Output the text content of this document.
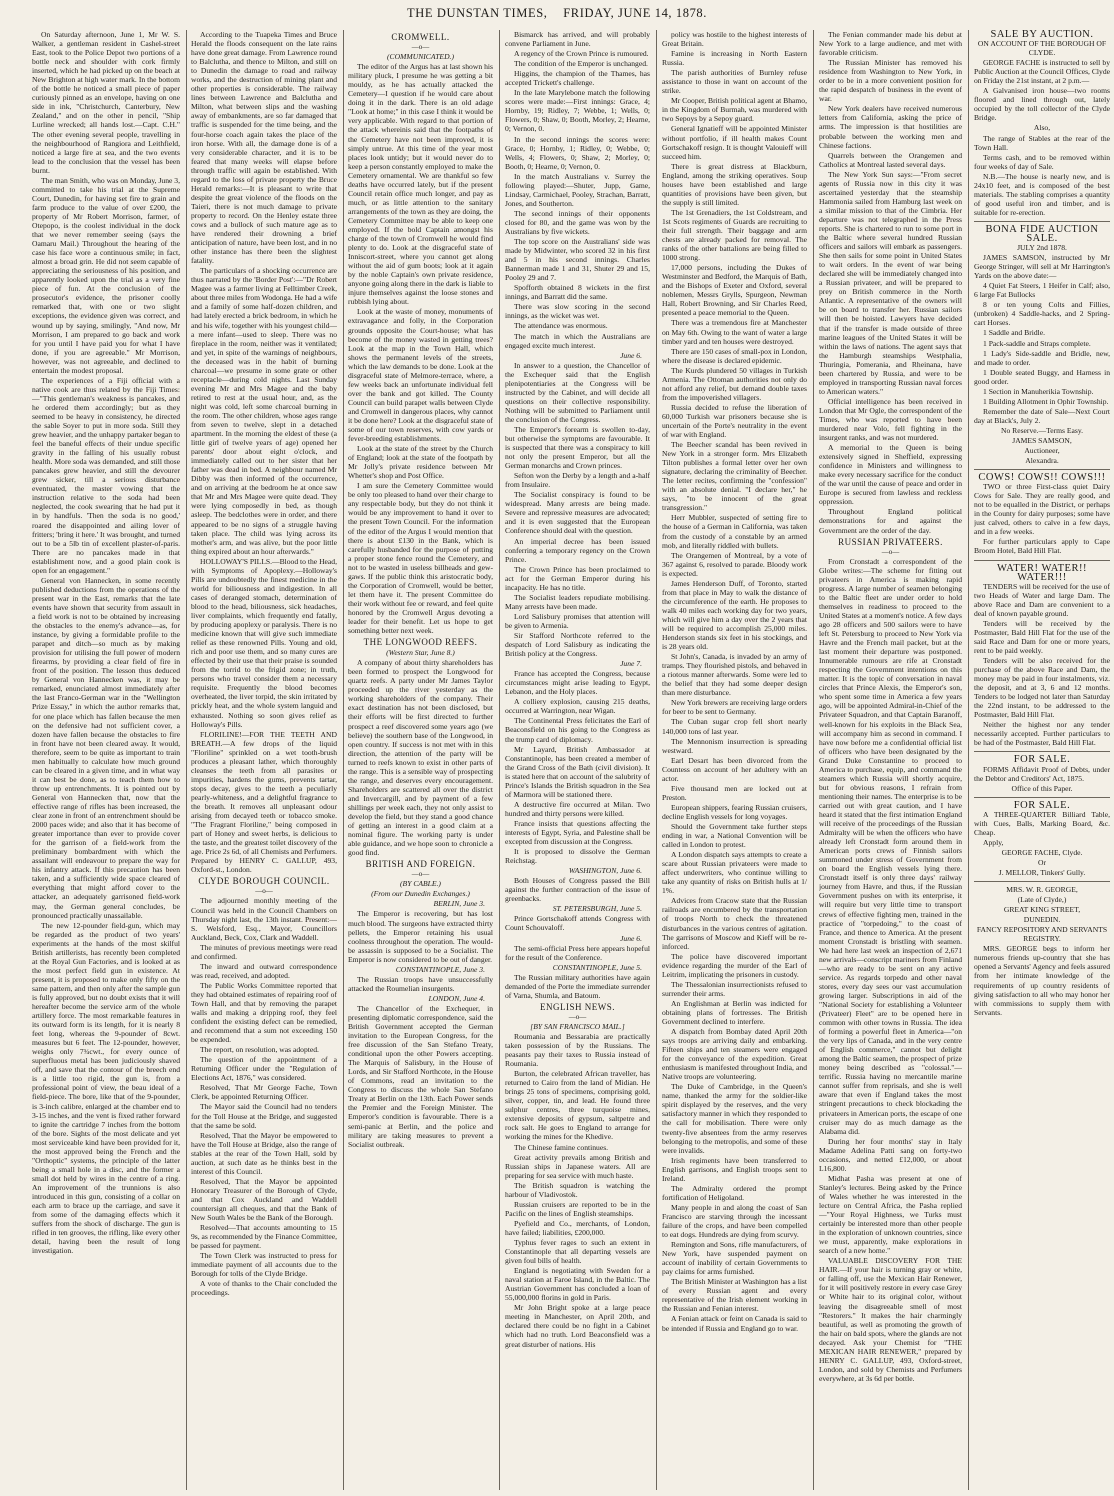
THE DUNSTAN TIMES, FRIDAY, JUNE 14, 1878.

On Saturday afternoon, June 1, Mr W. S. Walker, a gentleman resident in Cashel-street East, took to the Police Depot two portions of a bottle neck and shoulder with cork firmly inserted, which he had picked up on the beach at New Brighton at high water mark. In the bottom of the bottle he noticed a small piece of paper curiously pinned as an envelope, having on one side in ink, "Christchurch, Canterbury, New Zealand," and on the other in pencil, "Ship Lurline wrecked; all hands lost.—Capt. C.H." The other evening several people, travelling in the neighbourhood of Rangiora and Leithfield, noticed a large fire at sea, and the two events lead to the conclusion that the vessel has been burnt.

The man Smith, who was on Monday, June 3, committed to take his trial at the Supreme Court, Dunedin, for having set fire to grain and farm produce to the value of over £200, the property of Mr Robert Morrison, farmer, of Otepopo, is the coolest individual in the dock that we never remember seeing (says the Oamaru Mail.) Throughout the hearing of the case his face wore a continuous smile; in fact, almost a broad grin. He did not seem capable of appreciating the seriousness of his position, and apparently looked upon the trial as a very fine piece of fun. At the conclusion of the prosecutor's evidence, the prisoner coolly remarked that, with one or two slight exceptions, the evidence given was correct, and wound up by saying, smilingly, "And now, Mr Morrison, I am prepared to go back and work for you until I have paid you for what I have done, if you are agreeable." Mr Morrison, however, was not agreeable, and declined to entertain the modest proposal.

The experiences of a Fiji official with a native cook are thus related by the Fiji Times:—"This gentleman's weakness is pancakes, and he ordered them accordingly; but as they seemed to be heavy in consistency, he directed the sable Soyer to put in more soda. Still they grew heavier, and the unhappy partaker began to feel the baneful effects of their undue specific gravity in the falling of his usually robust health. More soda was demanded, and still those pancakes grew heavier, and still the devourer grew sicker, till a serious disturbance eventuated, the master vowing that the instruction relative to the soda had been neglected, the cook swearing that he had put it in by handfuls. 'Then the soda is no good,' roared the disappointed and ailing lover of fritters; 'bring it here.' It was brought, and turned out to be a 5lb tin of excellent plaster-of-paris. There are no pancakes made in that establishment now, and a good plain cook is open for an engagement."

General von Hannecken, in some recently published deductions from the operations of the present war in the East, remarks that the late events have shown that security from assault in a field work is not to be obtained by increasing the obstacles to the enemy's advance—as, for instance, by giving a formidable profile to the parapet and ditch—so much as by making provision for utilising the full power of modern firearms, by providing a clear field of fire in front of the position. The lesson thus deduced by General von Hannecken was, it may be remarked, enunciated almost immediately after the last Franco-German war in the "Wellington Prize Essay," in which the author remarks that, for one place which has fallen because the men on the defensive had not sufficient cover, a dozen have fallen because the obstacles to fire in front have not been cleared away. It would, therefore, seem to be quite as important to train men habitually to calculate how much ground can be cleared in a given time, and in what way it can best be done, as to teach them how to throw up entrenchments. It is pointed out by General von Hannecken that, now that the effective range of rifles has been increased, the clear zone in front of an entrenchment should be 2000 paces wide; and also that it has become of greater importance than ever to provide cover for the garrison of a field-work from the preliminary bombardment with which the assailant will endeavour to prepare the way for his infantry attack. If this precaution has been taken, and a sufficiently wide space cleared of everything that might afford cover to the attacker, an adequately garrisoned field-work may, the German general concludes, be pronounced practically unassailable.

The new 12-pounder field-gun, which may be regarded as the product of two years' experiments at the hands of the most skilful British artillerists, has recently been completed at the Royal Gun Factories, and is looked at as the most perfect field gun in existence. At present, it is proposed to make only fifty on the same pattern, and then only after the sample gun is fully approved, but no doubt exists that it will hereafter become the service arm of the whole artillery force. The most remarkable features in its outward form is its length, for it is nearly 8 feet long, whereas the 9-pounder of 8cwt. measures but 6 feet. The 12-pounder, however, weighs only 7¾cwt., for every ounce of superfluous metal has been judiciously shaved off, and save that the contour of the breech end is a little too rigid, the gun is, from a professional point of view, the beau ideal of a field-piece. The bore, like that of the 9-pounder, is 3-inch calibre, enlarged at the chamber end to 3-15 inches, and the vent is fixed rather forward to ignite the cartridge 7 inches from the bottom of the bore. Sights of the most delicate and yet most serviceable kind have been provided for it, the most approved being the French and the "Orthoptic" systems, the principle of the latter being a small hole in a disc, and the former a small dot held by wires in the centre of a ring. An improvement of the trunnions is also introduced in this gun, consisting of a collar on each arm to brace up the carriage, and save it from some of the damaging effects which it suffers from the shock of discharge. The gun is rifled in ten grooves, the rifling, like every other detail, having been the result of long investigation.

According to the Tuapeka Times and Bruce Herald the floods consequent on the late rains have done great damage. From Lawrence round to Balclutha, and thence to Milton, and still on to Dunedin the damage to road and railway works, and the destruction of mining plant and other properties is considerable. The railway lines between Lawrence and Balclutha and Milton, what between slips and the washing away of embankments, are so far damaged that traffic is suspended for the time being, and the four-horse coach again takes the place of the iron horse. With all, the damage done is of a very considerable character, and it is to be feared that many weeks will elapse before through traffic will again be established. With regard to the loss of private property the Bruce Herald remarks:—It is pleasant to write that despite the great violence of the floods on the Taieri, there is not much damage to private property to record. On the Henley estate three cows and a bullock of such mature age as to have rendered their drowning a brief anticipation of nature, have been lost, and in no other instance has there been the slightest fatality.

The particulars of a shocking occurrence are thus narrated by the 'Border Post':—"Dr Robert Magee was a farmer living at Felltimber Creek, about three miles from Wodonga. He had a wife and a family of some half-dozen children, and had lately erected a brick bedroom, in which he and his wife, together with his youngest child—a mere infant—used to sleep. There was no fireplace in the room, neither was it ventilated; and yet, in spite of the warnings of neighbours, the deceased was in the habit of burning charcoal—we presume in some grate or other receptacle—during cold nights. Last Sunday evening Mr and Mrs Magee and the baby retired to rest at the usual hour, and, as the night was cold, left some charcoal burning in the room. The other children, whose ages range from seven to twelve, slept in a detached apartment. In the morning the eldest of these (a little girl of twelve years of age) opened her parents' door about eight o'clock, and immediately called out to her sister that her father was dead in bed. A neighbour named Mr Dibby was then informed of the occurrence, and on arriving at the bedroom he at once saw that Mr and Mrs Magee were quite dead. They were lying composedly in bed, as though asleep. The bedclothes were in order, and there appeared to be no signs of a struggle having taken place. The child was lying across its mother's arm, and was alive, but the poor little thing expired about an hour afterwards."

HOLLOWAY'S PILLS.—Blood to the Head, with Symptoms of Apoplexy.—Holloway's Pills are undoubtedly the finest medicine in the world for biliousness and indigestion. In all cases of deranged stomach, determination of blood to the head, biliousness, sick headaches, liver complaints, which frequently end fatally, by producing apoplexy or paralysis. There is no medicine known that will give such immediate relief as these renowned Pills. Young and old, rich and poor use them, and so many cures are effected by their use that their praise is sounded from the torrid to the frigid zone; in truth, persons who travel consider them a necessary requisite. Frequently the blood becomes overheated, the liver torpid, the skin irritated by prickly heat, and the whole system languid and exhausted. Nothing so soon gives relief as Holloway's Pills.

FLORILINE!—FOR THE TEETH AND BREATH.—A few drops of the liquid "Floriline" sprinkled on a wet tooth-brush produces a pleasant lather, which thoroughly cleanses the teeth from all parasites or impurities, hardens the gums, prevents tartar, stops decay, gives to the teeth a peculiarly pearly-whiteness, and a delightful fragrance to the breath. It removes all unpleasant odour arising from decayed teeth or tobacco smoke. "The Fragrant Floriline," being composed in part of Honey and sweet herbs, is delicious to the taste, and the greatest toilet discovery of the age. Price 2s 6d, of all Chemists and Perfumers. Prepared by HENRY C. GALLUP, 493, Oxford-st., London.

CLYDE BOROUGH COUNCIL.

—o—

The adjourned monthly meeting of the Council was held in the Council Chambers on Thursday night last, the 13th instant. Present:—S. Welsford, Esq., Mayor, Councillors Auckland, Beck, Cox, Clark and Waddell.

The minutes of previous meetings were read and confirmed.

The inward and outward correspondence was read, received, and adopted.

The Public Works Committee reported that they had obtained estimates of repairing roof of Town Hall, and that by removing the parapet walls and making a dripping roof, they feel confident the existing defect can be remedied, and recommend that a sum not exceeding 150 be expended.

The report, on resolution, was adopted.

The question of the appointment of a Returning Officer under the "Regulation of Elections Act, 1876," was considered.

Resolved, That Mr George Fache, Town Clerk, be appointed Returning Officer.

The Mayor said the Council had no tenders for the Toll House at the Bridge, and suggested that the same be sold.

Resolved, That the Mayor be empowered to have the Toll House at Bridge, also the range of stables at the rear of the Town Hall, sold by auction, at such date as he thinks best in the interest of this Council.

Resolved, That the Mayor be appointed Honorary Treasurer of the Borough of Clyde, and that Cox Auckland and Waddell countersign all cheques, and that the Bank of New South Wales be the Bank of the Borough.

Resolved—That accounts amounting to 15 9s, as recommended by the Finance Committee, be passed for payment.

The Town Clerk was instructed to press for immediate payment of all accounts due to the Borough for tolls of the Clyde Bridge.

A vote of thanks to the Chair concluded the proceedings.

CROMWELL.

—o—

(COMMUNICATED.)

The editor of the Argus has at last shown his military pluck, I presume he was getting a bit mouldy, as he has actually attacked the Cemetery—I question if he would care about doing it in the dark. There is an old adage "Look at home;" in this case I think it would be very applicable. With regard to that portion of the attack whereinis said that the footpaths of the Cemetery have not been improved, it is simply untrue. At this time of the year most places look untidy; but it would never do to keep a person constantly employed to make the Cemetery ornamental. We are thankful so few deaths have occurred lately, but if the present Council retain office much longer, and pay as much, or as little attention to the sanitary arrangements of the town as they are doing, the Cemetery Committee may be able to keep one employed. If the bold Captain amongst his charge of the town of Cromwell he would find plenty to do. Look at the disgraceful state of Inniscort-street, where you cannot get along without the aid of gum boots; look at it again by the noble Captain's own private residence, anyone going along there in the dark is liable to injure themselves against the loose stones and rubbish lying about.

Look at the waste of money, monuments of extravagance and folly, in the Corporation grounds opposite the Court-house; what has become of the money wasted in getting trees? Look at the map in the Town Hall, which shows the permanent levels of the streets, which the law demands to be done. Look at the disgraceful state of Melmore-terrace, where, a few weeks back an unfortunate individual fell over the bank and got killed. The County Council can build parapet walls between Clyde and Cromwell in dangerous places, why cannot it be done here? Look at the disgraceful state of some of our town reserves, with cow yards or fever-breeding establishments.

Look at the state of the street by the Church of England; look at the state of the footpath by Mr Jolly's private residence between Mr Whetter's shop and Post Office.

I am sure the Cemetery Committee would be only too pleased to hand over their charge to any respectable body, but they do not think it would be any improvement to hand it over to the present Town Council. For the information of the editor of the Argus I would mention that there is about £130 in the Bank, which is carefully husbanded for the purpose of putting a proper stone fence round the Cemetery, and not to be wasted in useless billheads and gew-gaws. If the public think this aristocratic body, the Corporation of Cromwell, would be better, let them have it. The present Committee do their work without fee or reward, and feel quite honored by the Cromwell Argus devoting a leader for their benefit. Let us hope to get something better next week.

THE LONGWOOD REEFS.

(Western Star, June 8.)

A company of about thirty shareholders has been formed to prospect the Longwood for quartz reefs. A party under Mr James Taylor proceeded up the river yesterday as the working shareholders of the company. Their exact destination has not been disclosed, but their efforts will be first directed to further prospect a reef discovered some years ago (we believe) the southern base of the Longwood, in open country. If success is not met with in this direction, the attention of the party will be turned to reefs known to exist in other parts of the range. This is a sensible way of prospecting the range, and deserves every encouragement. Shareholders are scattered all over the district and Invercargill, and by payment of a few shillings per week each, they not only assist to develop the field, but they stand a good chance of getting an interest in a good claim at a nominal figure. The working party is under able guidance, and we hope soon to chronicle a good find.

BRITISH AND FOREIGN.

—o—

(BY CABLE.)

(From our Dunedin Exchanges.)

BERLIN, June 3.

The Emperor is recovering, but has lost much blood. The surgeons have extracted thirty pellets, the Emperor retaining his usual coolness throughout the operation. The would-be assassin is supposed to be a Socialist. The Emperor is now considered to be out of danger.

CONSTANTINOPLE, June 3.

The Russian troops have unsuccessfully attacked the Roumelian insurgents.

LONDON, June 4.

The Chancellor of the Exchequer, in presenting diplomatic correspondence, said the British Government accepted the German invitation to the European Congress, for the free discussion of the San Stefano Treaty, conditional upon the other Powers accepting. The Marquis of Salisbury, in the House of Lords, and Sir Stafford Northcote, in the House of Commons, read an invitation to the Congress to discuss the whole San Stefano Treaty at Berlin on the 13th. Each Power sends the Premier and the Foreign Minister. The Emperor's condition is favourable. There is a semi-panic at Berlin, and the police and military are taking measures to prevent a Socialist outbreak.

Bismarck has arrived, and will probably convene Parliament in June.

A regency of the Crown Prince is rumoured.

The condition of the Emperor is unchanged.

Higgins, the champion of the Thames, has accepted Trickett's challenge.

In the late Marylebone match the following scores were made:—First innings: Grace, 4; Hornby, 19; Ridley, 7; Webbe, 1; Wells, 0; Flowers, 0; Shaw, 0; Booth, Morley, 2; Hearne, 0; Vernon, 0.

In the second innings the scores were: Grace, 0; Hornby, 1; Ridley, 0; Webbe, 0; Wells, 4; Flowers, 0; Shaw, 2; Morley, 0; Booth, 0; Hearne, 0; Vernon, 0.

In the match Australians v. Surrey the following played:—Shuter, Jupp, Game, Lindsay, Carmichael, Pooley, Strachan, Barratt, Jones, and Southerton.

The second innings of their opponents closed for 80, and the game was won by the Australians by five wickets.

The top score on the Australians' side was made by Midwinter, who scored 32 in his first and 5 in his second innings. Charles Bannerman made 1 and 31, Shuter 29 and 15, Pooley 29 and 7.

Spofforth obtained 8 wickets in the first innings, and Barratt did the same.

There was slow scoring in the second innings, as the wicket was wet.

The attendance was enormous.

The match in which the Australians are engaged excite much interest.

June 6.

In answer to a question, the Chancellor of the Exchequer said that the English plenipotentiaries at the Congress will be instructed by the Cabinet, and will decide all questions on their collective responsibility. Nothing will be submitted to Parliament until the conclusion of the Congress.

The Emperor's forearm is swollen to-day, but otherwise the symptoms are favourable. It is suspected that there was a conspiracy to kill not only the present Emperor, but all the German monarchs and Crown princes.

Sefton won the Derby by a length and a-half from Insulaire.

The Socialist conspiracy is found to be widespread. Many arrests are being made. Severe and repressive measures are advocated; and it is even suggested that the European Conference should deal with the question.

An imperial decree has been issued conferring a temporary regency on the Crown Prince.

The Crown Prince has been proclaimed to act for the German Emperor during his incapacity. He has no title.

The Socialist leaders repudiate mobilising. Many arrests have been made.

Lord Salisbury promises that attention will be given to Armenia.

Sir Stafford Northcote referred to the despatch of Lord Salisbury as indicating the British policy at the Congress.

June 7.

France has accepted the Congress, because circumstances might arise leading to Egypt, Lebanon, and the Holy places.

A colliery explosion, causing 215 deaths, occurred at Warrington, near Wigan.

The Continental Press felicitates the Earl of Beaconsfield on his going to the Congress as the trump card of diplomacy.

Mr Layard, British Ambassador at Constantinople, has been created a member of the Grand Cross of the Bath (civil division). It is stated here that on account of the salubrity of Prince's Islands the British squadron in the Sea of Marmora will be stationed there.

A destructive fire occurred at Milan. Two hundred and thirty persons were killed.

France insists that questions affecting the interests of Egypt, Syria, and Palestine shall be excepted from discussion at the Congress.

It is proposed to dissolve the German Reichstag.

WASHINGTON, June 6.

Both Houses of Congress passed the Bill against the further contraction of the issue of greenbacks.

ST. PETERSBURGH, June 5.

Prince Gortschakoff attends Congress with Count Schouvaloff.

June 6.

The semi-official Press here appears hopeful for the result of the Conference.

CONSTANTINOPLE, June 5.

The Russian military authorities have again demanded of the Porte the immediate surrender of Varna, Shumla, and Batoum.

ENGLISH NEWS.

—o—

[BY SAN FRANCISCO MAIL.]

Roumania and Bessarabia are practically taken possession of by the Russians. The peasants pay their taxes to Russia instead of Roumania.

Burton, the celebrated African traveller, has returned to Cairo from the land of Midian. He brings 25 tons of specimens, comprising gold, silver, copper, tin, and lead. He found three sulphur centres, three turquoise mines, extensive deposits of gypsum, saltpetre and rock salt. He goes to England to arrange for working the mines for the Khedive.

The Chinese famine continues.

Great activity prevails among British and Russian ships in Japanese waters. All are preparing for sea service with much haste.

The British squadron is watching the harbour of Vladivostok.

Russian cruisers are reported to be in the Pacific on the lines of English steamships.

Pyefield and Co., merchants, of London, have failed; liabilities, £200,000.

Typhus fever rages to such an extent in Constantinople that all departing vessels are given foul bills of health.

England is negotiating with Sweden for a naval station at Faroe Island, in the Baltic. The Austrian Government has concluded a loan of 55,000,000 florins in gold in Paris.

Mr John Bright spoke at a large peace meeting in Manchester, on April 20th, and declared there could be no fight in a Cabinet which had no truth. Lord Beaconsfield was a great disturber of nations. His

policy was hostile to the highest interests of Great Britain.

Famine is increasing in North Eastern Russia.

The parish authorities of Burnley refuse assistance to those in want on account of the strike.

Mr Cooper, British political agent at Bhamo, in the Kingdom of Burmah, was murdered with two Sepoys by a Sepoy guard.

General Ignatieff will be appointed Minister without portfolio, if ill health makes Count Gortschakoff resign. It is thought Valouieff will succeed him.

There is great distress at Blackburn, England, among the striking operatives. Soup houses have been established and large quantities of provisions have been given, but the supply is still limited.

The 1st Grenadiers, the 1st Coldstream, and 1st Scots regiments of Guards are recruiting to their full strength. Their baggage and arm chests are already packed for removal. The ranks of the other battalions are being filled to 1000 strong.

17,000 persons, including the Dukes of Westminster and Bedford, the Marquis of Bath, and the Bishops of Exeter and Oxford, several noblemen, Messrs Grylls, Spurgeon, Newman Hall, Robert Browning, and Sir Charles Reed, presented a peace memorial to the Queen.

There was a tremendous fire at Manchester on May 6th. Owing to the want of water a large timber yard and ten houses were destroyed.

There are 150 cases of small-pox in London, where the disease is declared epidemic.

The Kurds plundered 50 villages in Turkish Armenia. The Ottoman authorities not only do not afford any relief, but demand double taxes from the impoverished villagers.

Russia decided to refuse the liberation of 60,000 Turkish war prisoners because she is uncertain of the Porte's neutrality in the event of war with England.

The Beecher scandal has been revived in New York in a stronger form. Mrs Elizabeth Tilton publishes a formal letter over her own signature, declaring the criminality of Beecher. The letter recites, confirming the "confession" with an absolute denial. "I declare her," he says, "to be innocent of the great transgression."

Herr Mubbler, suspected of setting fire to the house of a German in California, was taken from the custody of a constable by an armed mob, and literally riddled with bullets.

The Orangemen of Montreal, by a vote of 367 against 6, resolved to parade. Bloody work is expected.

James Henderson Duff, of Toronto, started from that place in May to walk the distance of the circumference of the earth. He proposes to walk 40 miles each working day for two years, which will give him a day over the 2 years that will be required to accomplish 25,000 miles. Henderson stands six feet in his stockings, and is 28 years old.

St John's, Canada, is invaded by an army of tramps. They flourished pistols, and behaved in a riotous manner afterwards. Some were led to the belief that they had some deeper design than mere disturbance.

New York brewers are receiving large orders for beer to be sent to Germany.

The Cuban sugar crop fell short nearly 140,000 tons of last year.

The Mennonism insurrection is spreading westward.

Earl Desart has been divorced from the Countess on account of her adultery with an actor.

Five thousand men are locked out at Preston.

European shippers, fearing Russian cruisers, decline English vessels for long voyages.

Should the Government take further steps ending in war, a National Convention will be called in London to protest.

A London dispatch says attempts to create a scare about Russian privateers were made to affect underwriters, who continue willing to take any quantity of risks on British hulls at 1/ 1%.

Advices from Cracow state that the Russian railroads are encumbered by the transportation of troops North to check the threatened disturbances in the various centres of agitation. The garrisons of Moscow and Kieff will be re-inforced.

The police have discovered important evidence regarding the murder of the Earl of Leitrim, implicating the prisoners in custody.

The Thessalonian insurrectionists refused to surrender their arms.

An Englishman at Berlin was indicted for obtaining plans of fortresses. The British Government declined to interfere.

A dispatch from Bombay dated April 20th says troops are arriving daily and embarking. Fifteen ships and ten steamers were engaged for the conveyance of the expedition. Great enthusiasm is manifested throughout India, and Native troops are volunteering.

The Duke of Cambridge, in the Queen's name, thanked the army for the soldier-like spirit displayed by the reserves, and the very satisfactory manner in which they responded to the call for mobilisation. There were only twenty-five absentees from the army reserves belonging to the metropolis, and some of these were invalids.

Irish regiments have been transferred to English garrisons, and English troops sent to Ireland.

The Admiralty ordered the prompt fortification of Heligoland.

Many people in and along the coast of San Francisco are starving through the incessant failure of the crops, and have been compelled to eat dogs. Hundreds are dying from scurvy.

Remington and Sons, rifle manufacturers, of New York, have suspended payment on account of inability of certain Governments to pay claims for arms furnished.

The British Minister at Washington has a list of every Russian agent and every representative of the Irish element working in the Russian and Fenian interest.

A Fenian attack or feint on Canada is said to be intended if Russia and England go to war.

The Fenian commander made his debut at New York to a large audience, and met with favorable criticism.

The Russian Minister has removed his residence from Washington to New York, in order to be in a more convenient position for the rapid despatch of business in the event of war.

New York dealers have received numerous letters from California, asking the price of arms. The impression is that hostilities are probable between the working men and Chinese factions.

Quarrels between the Orangemen and Catholics at Montreal lasted several days.

The New York Sun says:—"From secret agents of Russia now in this city it was ascertained yesterday that the steamship Hammonia sailed from Hamburg last week on a similar mission to that of the Cimbria. Her departure was not telegraphed in the Press reports. She is chartered to run to some port in the Baltic where several hundred Russian officers and sailors will embark as passengers. She then sails for some point in United States to wait orders. In the event of war being declared she will be immediately changed into a Russian privateer, and will be prepared to prey on British commerce in the North Atlantic. A representative of the owners will be on board to transfer her. Russian sailors will then be hoisted. Lawyers have decided that if the transfer is made outside of three marine leagues of the United States it will be within the laws of nations. The agent says that the Hamburgh steamships Westphalia, Thuringia, Pomerania, and Rheinana, have been chartered by Russia, and were to be employed in transporting Russian naval forces to American waters."

Official intelligence has been received in London that Mr Ogle, the correspondent of the Times, who was reported to have been murdered near Volo, fell fighting in the insurgent ranks, and was not murdered.

A memorial to the Queen is being extensively signed in Sheffield, expressing confidence in Ministers and willingness to make every necessary sacrifice for the conduct of the war until the cause of peace and order in Europe is secured from lawless and reckless oppression.

Throughout England political demonstrations for and against the Government are the order of the day.

RUSSIAN PRIVATEERS.

—o—

From Cronstadt a correspondent of the Globe writes:—The scheme for fitting out privateers in America is making rapid progress. A large number of seamen belonging to the Baltic fleet are under order to hold themselves in readiness to proceed to the United States at a moment's notice. A few days ago 28 officers and 500 sailors were to have left St. Petersburg to proceed to New York via Havre and the French mail packet, but at the last moment their departure was postponed. Innumerable rumours are rife at Cronstadt respecting the Government intentions on this matter. It is the topic of conversation in naval circles that Prince Alexis, the Emperor's son, who spent some time in America a few years ago, will be appointed Admiral-in-Chief of the Privateer Squadron, and that Captain Baranoff, well-known for his exploits in the Black Sea, will accompany him as second in command. I have now before me a confidential official list of officers who have been designated by the Grand Duke Constantine to proceed to America to purchase, equip, and command the steamers which Russia will shortly acquire, but for obvious reasons, I refrain from mentioning their names. The enterprise is to be carried out with great caution, and I have heard it stated that the first intimation England will receive of the proceedings of the Russian Admiralty will be when the officers who have already left Cronstadt form around them in American ports crews of Finnish sailors summoned under stress of Government from on board the English vessels lying there. Cronstadt itself is only three days' railway journey from Havre, and thus, if the Russian Government pushes on with its enterprise, it will require but very little time to transport crews of effective fighting men, trained in the practice of "torpedoing," to the coast of France, and thence to America. At the present moment Cronstadt is bristling with seamen. We had here last week an inspection of 2,671 new arrivals—conscript mariners from Finland—who are ready to be sent on any active service. As regards torpedo and other naval stores, every day sees our vast accumulation growing larger. Subscriptions in aid of the "National Society for establishing a Volunteer (Privateer) Fleet" are to be opened here in common with other towns in Russia. The idea of forming a powerful fleet in America—"on the very lips of Canada, and in the very centre of English commerce," cannot but delight among the Baltic seamen, the prospect of prize money being described as "colossal."—terrific. Russia having no mercantile marine cannot suffer from reprisals, and she is well aware that even if England takes the most stringent precautions to check blockading the privateers in American ports, the escape of one cruiser may do as much damage as the Alabama did.

During her four months' stay in Italy Madame Adelina Patti sang on forty-two occasions, and netted £12,000, or about L16,800.

Midhat Pasha was present at one of Stanley's lectures. Being asked by the Prince of Wales whether he was interested in the lecture on Central Africa, the Pasha replied—"Your Royal Highness, we Turks must certainly be interested more than other people in the exploration of unknown countries, since we must, apparently, make explorations in search of a new home."

VALUABLE DISCOVERY FOR THE HAIR.—If your hair is turning gray or white, or falling off, use the Mexican Hair Renewer, for it will positively restore in every case Grey or White hair to its original color, without leaving the disagreeable smell of most "Restorers." It makes the hair charmingly beautiful, as well as promoting the growth of the hair on bald spots, where the glands are not decayed. Ask your Chemist for "THE MEXICAN HAIR RENEWER," prepared by HENRY C. GALLUP, 493, Oxford-street, London, and sold by Chemists and Perfumers everywhere, at 3s 6d per bottle.

SALE BY AUCTION.

ON ACCOUNT OF THE BOROUGH OF CLYDE.

GEORGE FACHE is instructed to sell by Public Auction at the Council Offices, Clyde on Friday the 21st instant, at 2 p.m.—

A Galvanised iron house—two rooms floored and lined through out, lately occupied by the toll collector of the Clyde Bridge.

Also,

The range of Stables at the rear of the Town Hall.

Terms cash, and to be removed within four weeks of day of Sale.

N.B.—The house is nearly new, and is 24x10 feet, and is composed of the best materials. The stabling comprises a quantity of good useful iron and timber, and is suitable for re-erection.

BONA FIDE AUCTION SALE.

JULY 2nd 1878.

JAMES SAMSON, instructed by Mr George Stringer, will sell at Mr Harrington's Yards on the above date:—

4 Quiet Fat Steers, 1 Heifer in Calf; also, 6 large Fat Bullocks

8 or ten young Colts and Fillies, (unbroken) 4 Saddle-hacks, and 2 Spring-cart Horses.

1 Saddle and Bridle.

1 Pack-saddle and Straps complete.

1 Lady's Side-saddle and Bridle, new, and made to order.

1 Double seated Buggy, and Harness in good order.

1 Section in Manuherikia Township.

1 Building Allotment in Ophir Township.

Remember the date of Sale—Next Court day at Black's, July 2.

No Reserve.—Terms Easy.

JAMES SAMSON,

Auctioneer,

Alexandra.

COWS! COWS!! COWS!!!

TWO or three First-class quiet Dairy Cows for Sale. They are really good, and not to be equalled in the District, or perhaps in the County for dairy purposes; some have just calved, others to calve in a few days, and in a few weeks.

For further particulars apply to Cape Broom Hotel, Bald Hill Flat.

WATER! WATER!! WATER!!!

TENDERS will be received for the use of two Heads of Water and large Dam. The above Race and Dam are convenient to a deal of known payable ground.

Tenders will be received by the Postmaster, Bald Hill Flat for the use of the said Race and Dam for one or more years, rent to be paid weekly.

Tenders will be also received for the purchase of the above Race and Dam, the money may be paid in four instalments, viz. the deposit, and at 3, 6 and 12 months. Tenders to be lodged not later than Saturday the 22nd instant, to be addressed to the Postmaster, Bald Hill Flat.

Neither the highest nor any tender necessarily accepted. Further particulars to be had of the Postmaster, Bald Hill Flat.

FOR SALE.

FORMS Affidavit Proof of Debts, under the Debtor and Creditors' Act, 1875.

Office of this Paper.

FOR SALE.

A THREE-QUARTER Billiard Table, with Cues, Balls, Marking Board, &c. Cheap.

Apply,

GEORGE FACHE, Clyde.

Or

J. MELLOR, Tinkers' Gully.

MRS. W. R. GEORGE,

(Late of Clyde,)

GREAT KING STREET,

DUNEDIN.

FANCY REPOSITORY AND SERVANTS REGISTRY.

MRS. GEORGE begs to inform her numerous friends up-country that she has opened a Servants' Agency and feels assured from her intimate knowledge of the requirements of up country residents of giving satisfaction to all who may honor her with commissions to supply them with Servants.
